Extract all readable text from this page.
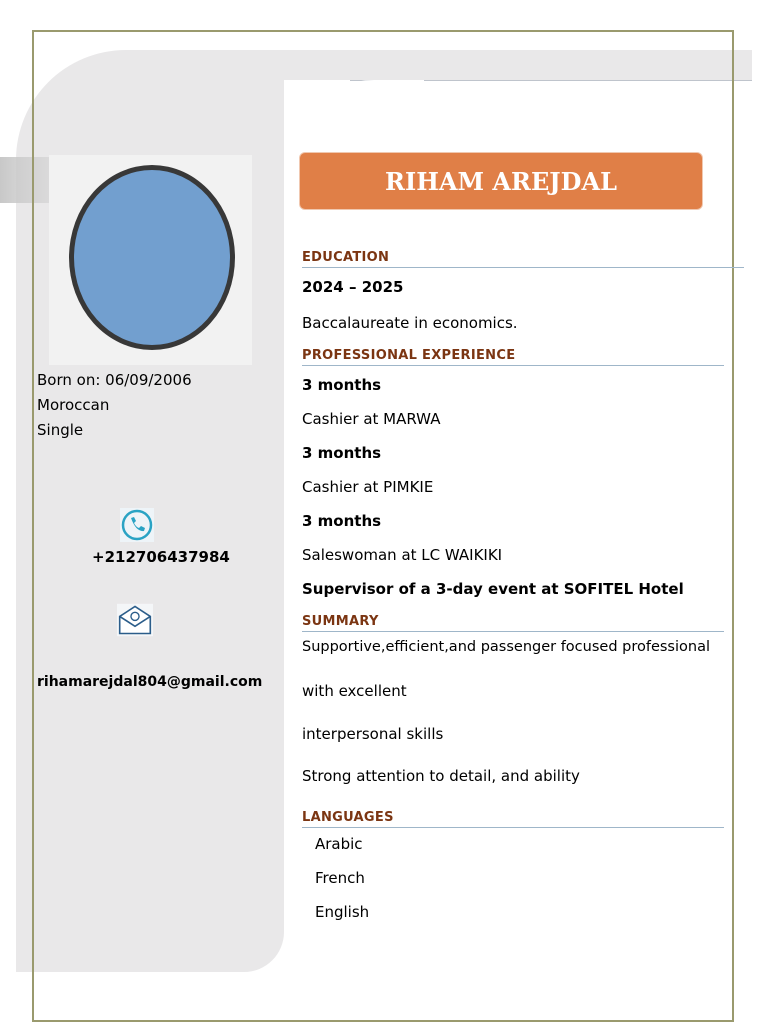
Born on: 06/09/2006
Moroccan
Single
+212706437984
rihamarejdal804@gmail.com
RIHAM AREJDAL
EDUCATION
2024 – 2025
Baccalaureate in economics.
PROFESSIONAL EXPERIENCE
3 months
Cashier at MARWA
3 months
Cashier at PIMKIE
3 months
Saleswoman at LC WAIKIKI
Supervisor of a 3-day event at SOFITEL Hotel
SUMMARY
Supportive,efficient,and passenger focused professional
with excellent
interpersonal skills
Strong attention to detail, and ability
LANGUAGES
Arabic
French
English
